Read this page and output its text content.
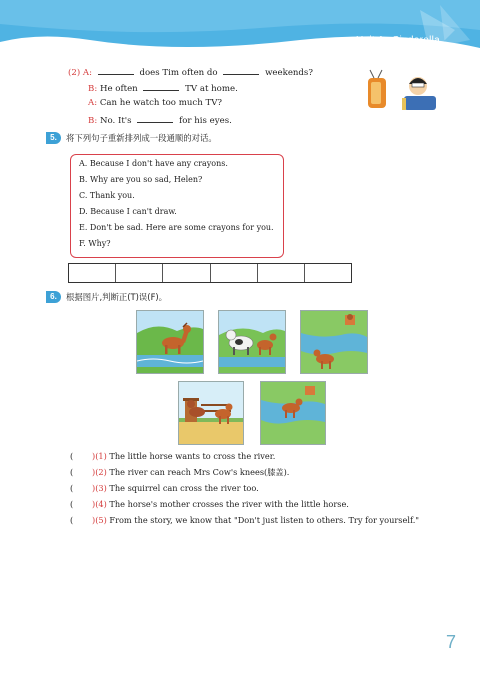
Unit 1 Cinderella
(2) A:	does Tim often do	weekends?
B: He often	TV at home.
A: Can he watch too much TV?
B: No. It's	for his eyes.
5.	将下列句子重新排列成一段通顺的对话。
A. Because I don't have any crayons.
B. Why are you so sad, Helen?
C. Thank you.
D. Because I can't draw.
E. Don't be sad. Here are some crayons for you.
F. Why?
6.	根据图片,判断正(T)误(F)。
( )(1) The little horse wants to cross the river.
( )(2) The river can reach Mrs Cow's knees(膝盖).
( )(3) The squirrel can cross the river too.
( )(4) The horse's mother crosses the river with the little horse.
( )(5) From the story, we know that "Don't just listen to others. Try for yourself."
7
